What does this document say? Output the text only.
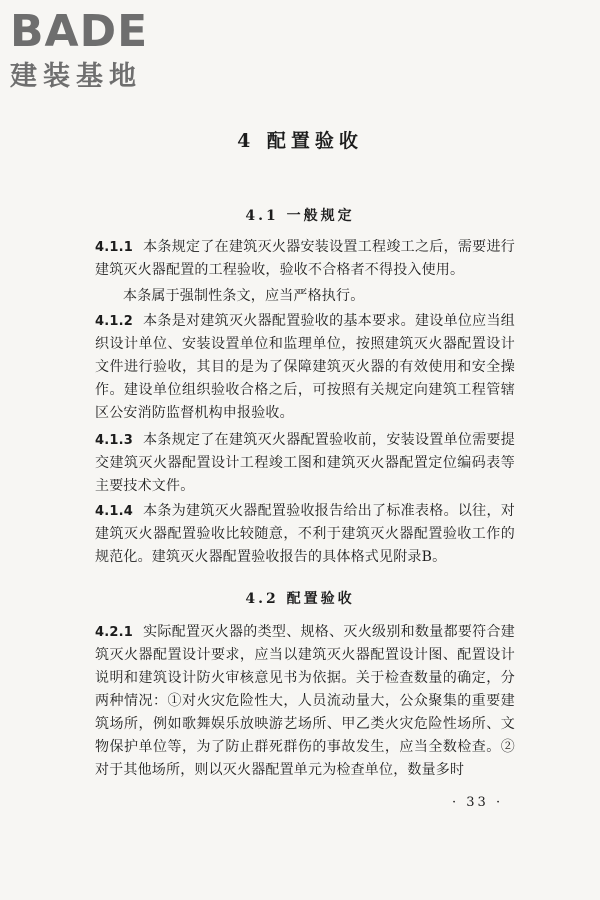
BADE
建装基地
4 配置验收
4.1 一般规定

4.1.1 本条规定了在建筑灭火器安装设置工程竣工之后，需要进行建筑灭火器配置的工程验收，验收不合格者不得投入使用。

本条属于强制性条文，应当严格执行。

4.1.2 本条是对建筑灭火器配置验收的基本要求。建设单位应当组织设计单位、安装设置单位和监理单位，按照建筑灭火器配置设计文件进行验收，其目的是为了保障建筑灭火器的有效使用和安全操作。建设单位组织验收合格之后，可按照有关规定向建筑工程管辖区公安消防监督机构申报验收。

4.1.3 本条规定了在建筑灭火器配置验收前，安装设置单位需要提交建筑灭火器配置设计工程竣工图和建筑灭火器配置定位编码表等主要技术文件。

4.1.4 本条为建筑灭火器配置验收报告给出了标准表格。以往，对建筑灭火器配置验收比较随意，不利于建筑灭火器配置验收工作的规范化。建筑灭火器配置验收报告的具体格式见附录B。

4.2 配置验收

4.2.1 实际配置灭火器的类型、规格、灭火级别和数量都要符合建筑灭火器配置设计要求，应当以建筑灭火器配置设计图、配置设计说明和建筑设计防火审核意见书为依据。关于检查数量的确定，分两种情况：①对火灾危险性大，人员流动量大，公众聚集的重要建筑场所，例如歌舞娱乐放映游艺场所、甲乙类火灾危险性场所、文物保护单位等，为了防止群死群伤的事故发生，应当全数检查。②对于其他场所，则以灭火器配置单元为检查单位，数量多时

· 33 ·
